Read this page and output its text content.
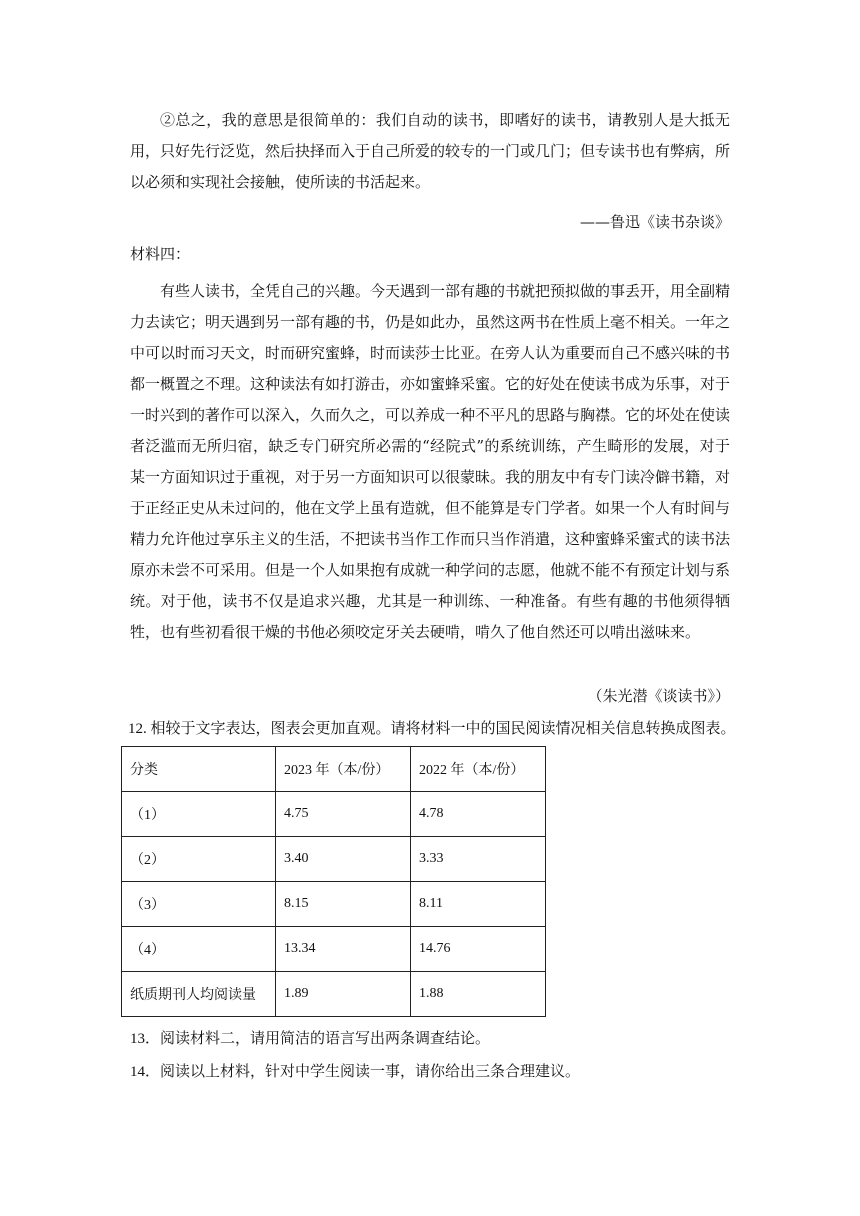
②总之，我的意思是很简单的：我们自动的读书，即嗜好的读书，请教别人是大抵无用，只好先行泛览，然后抉择而入于自己所爱的较专的一门或几门；但专读书也有弊病，所以必须和实现社会接触，使所读的书活起来。

——鲁迅《读书杂谈》

材料四：

有些人读书，全凭自己的兴趣。今天遇到一部有趣的书就把预拟做的事丢开，用全副精力去读它；明天遇到另一部有趣的书，仍是如此办，虽然这两书在性质上毫不相关。一年之中可以时而习天文，时而研究蜜蜂，时而读莎士比亚。在旁人认为重要而自己不感兴味的书都一概置之不理。这种读法有如打游击，亦如蜜蜂采蜜。它的好处在使读书成为乐事，对于一时兴到的著作可以深入，久而久之，可以养成一种不平凡的思路与胸襟。它的坏处在使读者泛滥而无所归宿，缺乏专门研究所必需的“经院式”的系统训练，产生畸形的发展，对于某一方面知识过于重视，对于另一方面知识可以很蒙昧。我的朋友中有专门读冷僻书籍，对于正经正史从未过问的，他在文学上虽有造就，但不能算是专门学者。如果一个人有时间与精力允许他过享乐主义的生活，不把读书当作工作而只当作消遣，这种蜜蜂采蜜式的读书法原亦未尝不可采用。但是一个人如果抱有成就一种学问的志愿，他就不能不有预定计划与系统。对于他，读书不仅是追求兴趣，尤其是一种训练、一种准备。有些有趣的书他须得牺牲，也有些初看很干燥的书他必须咬定牙关去硬啃，啃久了他自然还可以啃出滋味来。

（朱光潜《谈读书》）

12. 相较于文字表达，图表会更加直观。请将材料一中的国民阅读情况相关信息转换成图表。

分类	2023 年（本/份）	2022 年（本/份）
（1）	4.75	4.78
（2）	3.40	3.33
（3）	8.15	8.11
（4）	13.34	14.76
纸质期刊人均阅读量	1.89	1.88

13．阅读材料二，请用简洁的语言写出两条调查结论。

14．阅读以上材料，针对中学生阅读一事，请你给出三条合理建议。
